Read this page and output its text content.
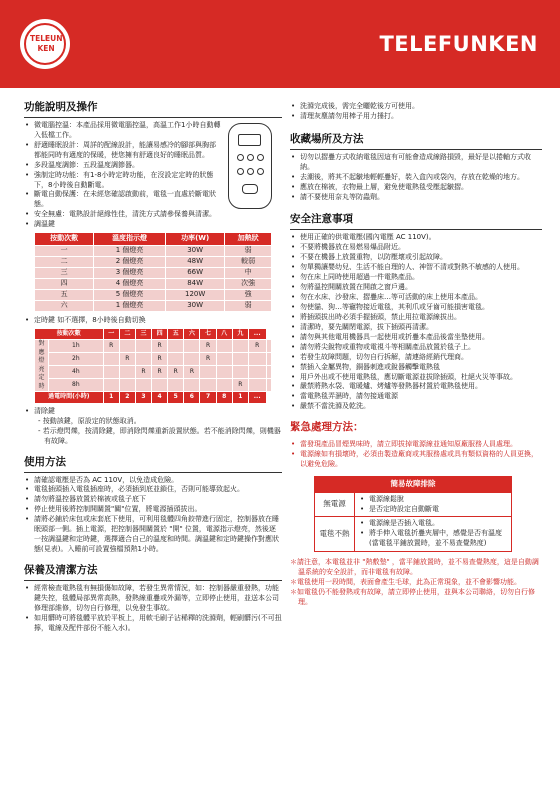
TELE
FUN
KEN	TELEFUNKEN
功能說明及操作
• 微電腦控溫：本產品採用微電腦控溫，高溫工作1小時自動轉入低檔工作。
• 舒適睡眠設計：周詳的配線設計，能讓易感冷的腳部與胸部都能同時有適度的保暖，使您擁有舒適良好的睡眠品質。
• 多段溫度調節：五段溫度調節器。
• 強制定時功能：有1-8小時定時功能，在沒設定定時的狀態下，8小時後自動斷電。
• 斷電自動保護：在未經您確認啟動前，電毯一直處於斷電狀態。
• 安全無慮：電熱設計絕緣性佳，清洗方式請參保養與清潔。
• 調溫鍵
按動次數	溫度指示燈	功率(W)	加熱狀
一	1 個燈亮	30W	弱
二	2 個燈亮	48W	較弱
三	3 個燈亮	66W	中
四	4 個燈亮	84W	次強
五	5 個燈亮	120W	強
六	1 個燈亮	30W	弱
• 定時鍵 如不選擇，8小時後自動切換
按動次數		一	二	三	四	五	六	七	八	九	...	
對應燈亮定時	1h	R			R			R			R	
	2h		R		R			R				
	4h			R	R	R	R					
	8h									R		
過電時間(小時)		1	2	3	4	5	6	7	8	1	...	
• 清除鍵
- 按動該鍵，原設定的狀態取消。
- 若示燈閃爍，按清除鍵，即消除閃爍重新設置狀態。若不能消除閃爍，則機器有故障。
使用方法
• 請確認電壓是否為 AC 110V，以免造成危險。
• 電毯插頭插入電毯插座時，必須插到底並鎖住，否則可能導致起火。
• 請勿將溫控器放置於棉被或毯子底下
• 停止使用後將控制開關置"關"位置，將電源插頭拔出。
• 請將必鋪於床包或床套底下使用，可利用毯體四角鉸帶進行固定，控制器放在睡眠頭部一側。插上電源，把控制器開關置於 "開" 位置，電源指示燈亮，然後逐一按調溫鍵和定時鍵，選擇適合自己的溫度和時間。調溫鍵和定時鍵操作對應狀態(見表)。入睡前可設置強檔預熱1小時。
保養及清潔方法
• 經常檢查電熱毯有無損傷如故障，若發生異常情況，如：控制器嚴重發熱，功能鍵失控，毯體局部異常高熱，發熱線重疊或外漏等，立即停止使用，並送本公司修理部維修，切勿自行修理，以免發生事故。
• 如用髒時可將毯體平放於平板上，用軟毛刷子沾稀釋的洗滌劑，輕刷髒污(不可扭擰，電線及配件部份不能入水)。
• 洗滌完成後，需完全曬乾後方可使用。
• 清理灰塵請勿用棒子用力捶打。
收藏場所及方法
• 切勿以摺疊方式收納電毯因這有可能會造成線路損毀，最好是以捲軸方式收納。
• 去潮後，將其不起皺地輕輕疊好，裝入盒內或袋內，存放在乾燥的地方。
• 應放在棉被，衣物最上層，避免使電熱毯受壓起皺摺。
• 請不要使用奈丸等防蟲劑。
安全注意事項
• 使用正確的供電電壓(國內電壓 AC 110V)。
• 不要將機器放在易燃易爆品附近。
• 不要在機器上放置重物，以防壓壞或引起故障。
• 勿單獨讓嬰幼兒、生活不能自理的人、神智不清或對熱不敏感的人使用。
• 勿在床上同時使用超過一件電熱產品。
• 勿將溫控開關放置在開啟之窗戶邊。
• 勿在水床、沙發床、摺疊床…等可活動的床上使用本產品。
• 勿使貓、狗…等寵物接近電毯，其利爪或牙齒可能損害電毯。
• 將插頭拔出時必須手握插頭，禁止用拉電源線拔出。
• 清潔時，要先關閉電源，拔下插頭再清潔。
• 請勿與其他電用機器具一起使用或折疊本產品後當坐墊使用。
• 請勿將尖銳物或重物或電視斗等相關產品放置於毯子上。
• 若發生故障問題，切勿自行拆解，請連絡經銷代理商。
• 禁插入金屬異物，銅器刺進或銳器觸擊電熱毯
• 用戶外出或不使用電熱毯，應切斷電源並拔除插頭，杜絕火災等事故。
• 嚴禁將熱水袋、電暖爐、烤爐等發熱器材置於電熱毯使用。
• 當電熱毯弄濕時，請勿接通電源
• 嚴禁不當洗滌及乾洗。
緊急處理方法：
• 當發現產品冒煙異味時，請立即拔掉電源線並通知原廠服務人員處理。
• 電源線如有損壞時，必須由製造廠商或其服務處或具有類似資格的人員更換，以避免危險。
簡易故障排除
無電源
• 電源線鬆脫
• 是否定時設定自動斷電
電毯不熱
• 電源線是否插入電毯。
• 將手伸入電毯折疊夾層中，感覺是否有溫度(當電毯平鋪放置時，並不易查覺熱度)
＊請注意，本電毯並非 "熱敷墊" ，當平鋪放置時，並不易查覺熱度，這是自動調溫系統的安全設計，而非電毯有故障。
＊電毯使用一段時間，表面會產生毛球，此為正常現象，並不會影響功能。
＊如電毯仍不能發熱或有故障，請立即停止使用，並與本公司聯絡，切勿自行修理。
